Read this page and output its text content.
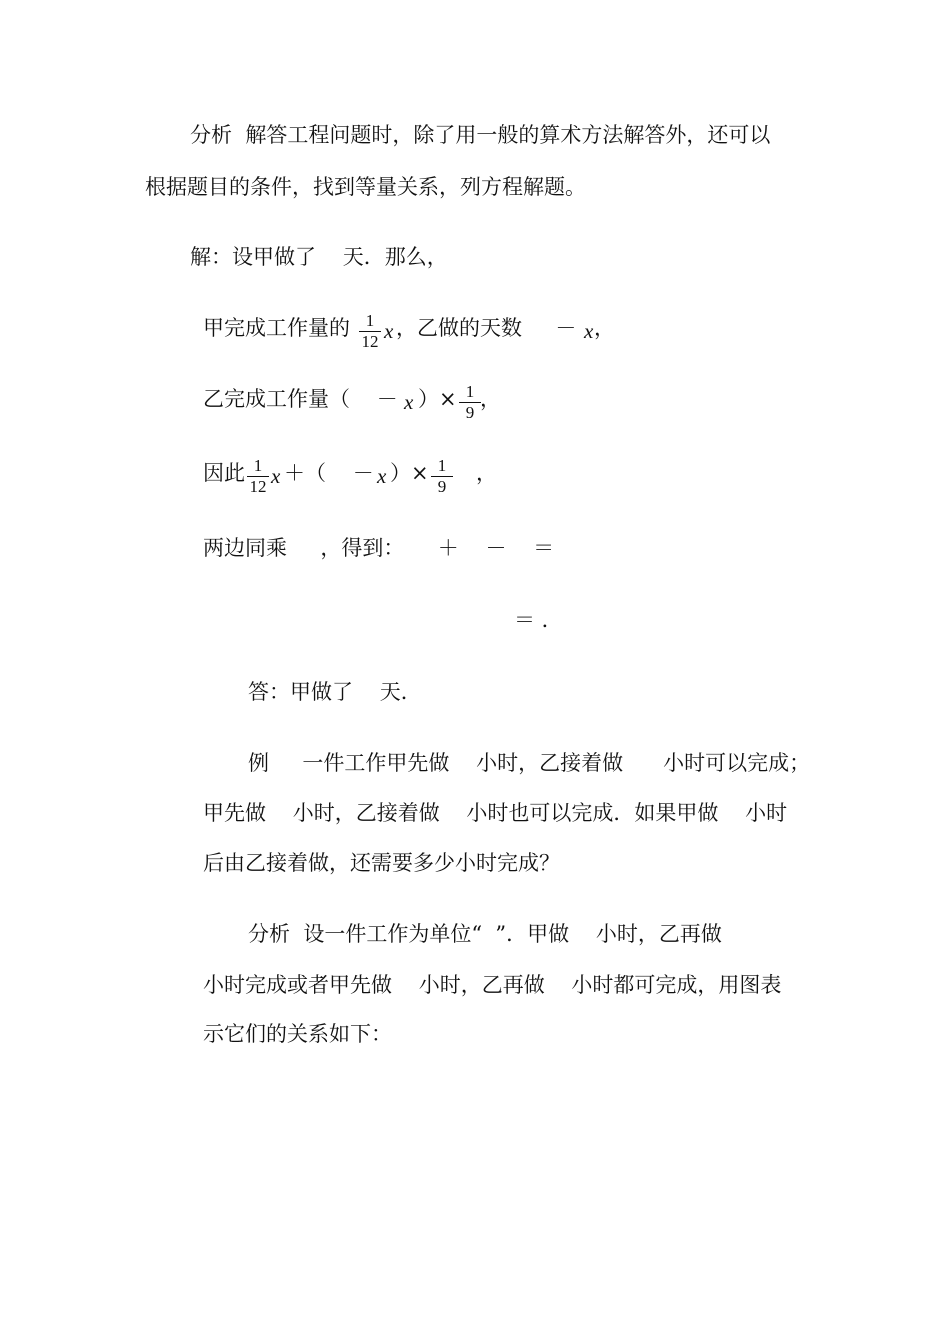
分析  解答工程问题时，除了用一般的算术方法解答外，还可以
根据题目的条件，找到等量关系，列方程解题。
解：设甲做了    天．那么，
甲完成工作量的 $\frac{1}{12}$ x ，乙做的天数     － x ，
乙完成工作量（    － x ）× $\frac{1}{9}$ ，
因此 $\frac{1}{12}$ x ＋（    － x ）× $\frac{1}{9}$ ，
两边同乘     ，得到：     ＋    －    ＝
＝ ．
答：甲做了    天．
例     一件工作甲先做    小时，乙接着做      小时可以完成；
甲先做    小时，乙接着做    小时也可以完成．如果甲做    小时
后由乙接着做，还需要多少小时完成？
分析  设一件工作为单位“  ”．甲做    小时，乙再做
小时完成或者甲先做    小时，乙再做    小时都可完成，用图表
示它们的关系如下：
